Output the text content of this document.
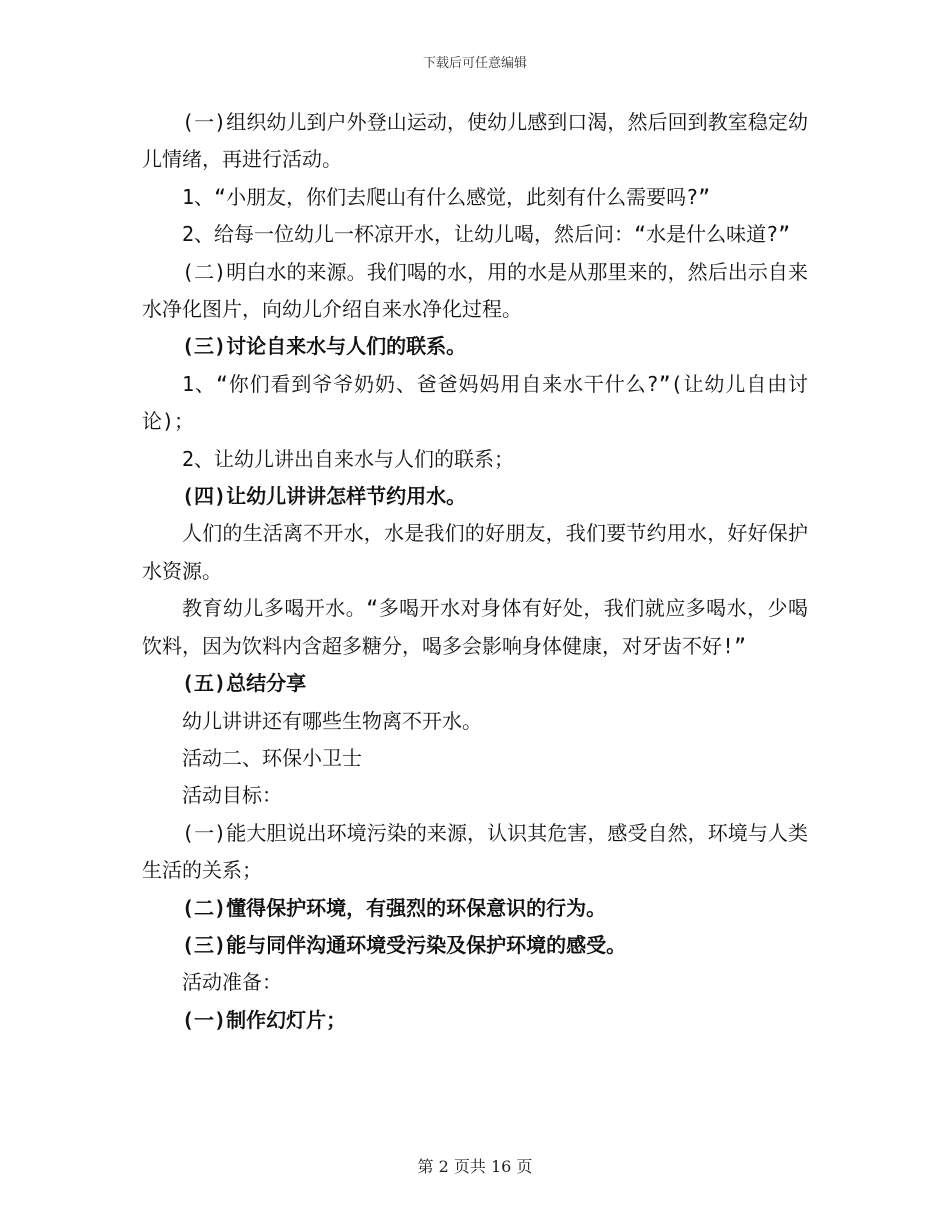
下载后可任意编辑

(一)组织幼儿到户外登山运动，使幼儿感到口渴，然后回到教室稳定幼儿情绪，再进行活动。

1、“小朋友，你们去爬山有什么感觉，此刻有什么需要吗?”

2、给每一位幼儿一杯凉开水，让幼儿喝，然后问：“水是什么味道?”

(二)明白水的来源。我们喝的水，用的水是从那里来的，然后出示自来水净化图片，向幼儿介绍自来水净化过程。

(三)讨论自来水与人们的联系。

1、“你们看到爷爷奶奶、爸爸妈妈用自来水干什么?”(让幼儿自由讨论)；

2、让幼儿讲出自来水与人们的联系；

(四)让幼儿讲讲怎样节约用水。

人们的生活离不开水，水是我们的好朋友，我们要节约用水，好好保护水资源。

教育幼儿多喝开水。“多喝开水对身体有好处，我们就应多喝水，少喝饮料，因为饮料内含超多糖分，喝多会影响身体健康，对牙齿不好!”

(五)总结分享

幼儿讲讲还有哪些生物离不开水。

活动二、环保小卫士

活动目标：

(一)能大胆说出环境污染的来源，认识其危害，感受自然，环境与人类生活的关系；

(二)懂得保护环境，有强烈的环保意识的行为。

(三)能与同伴沟通环境受污染及保护环境的感受。

活动准备：

(一)制作幻灯片；

第 2 页共 16 页
